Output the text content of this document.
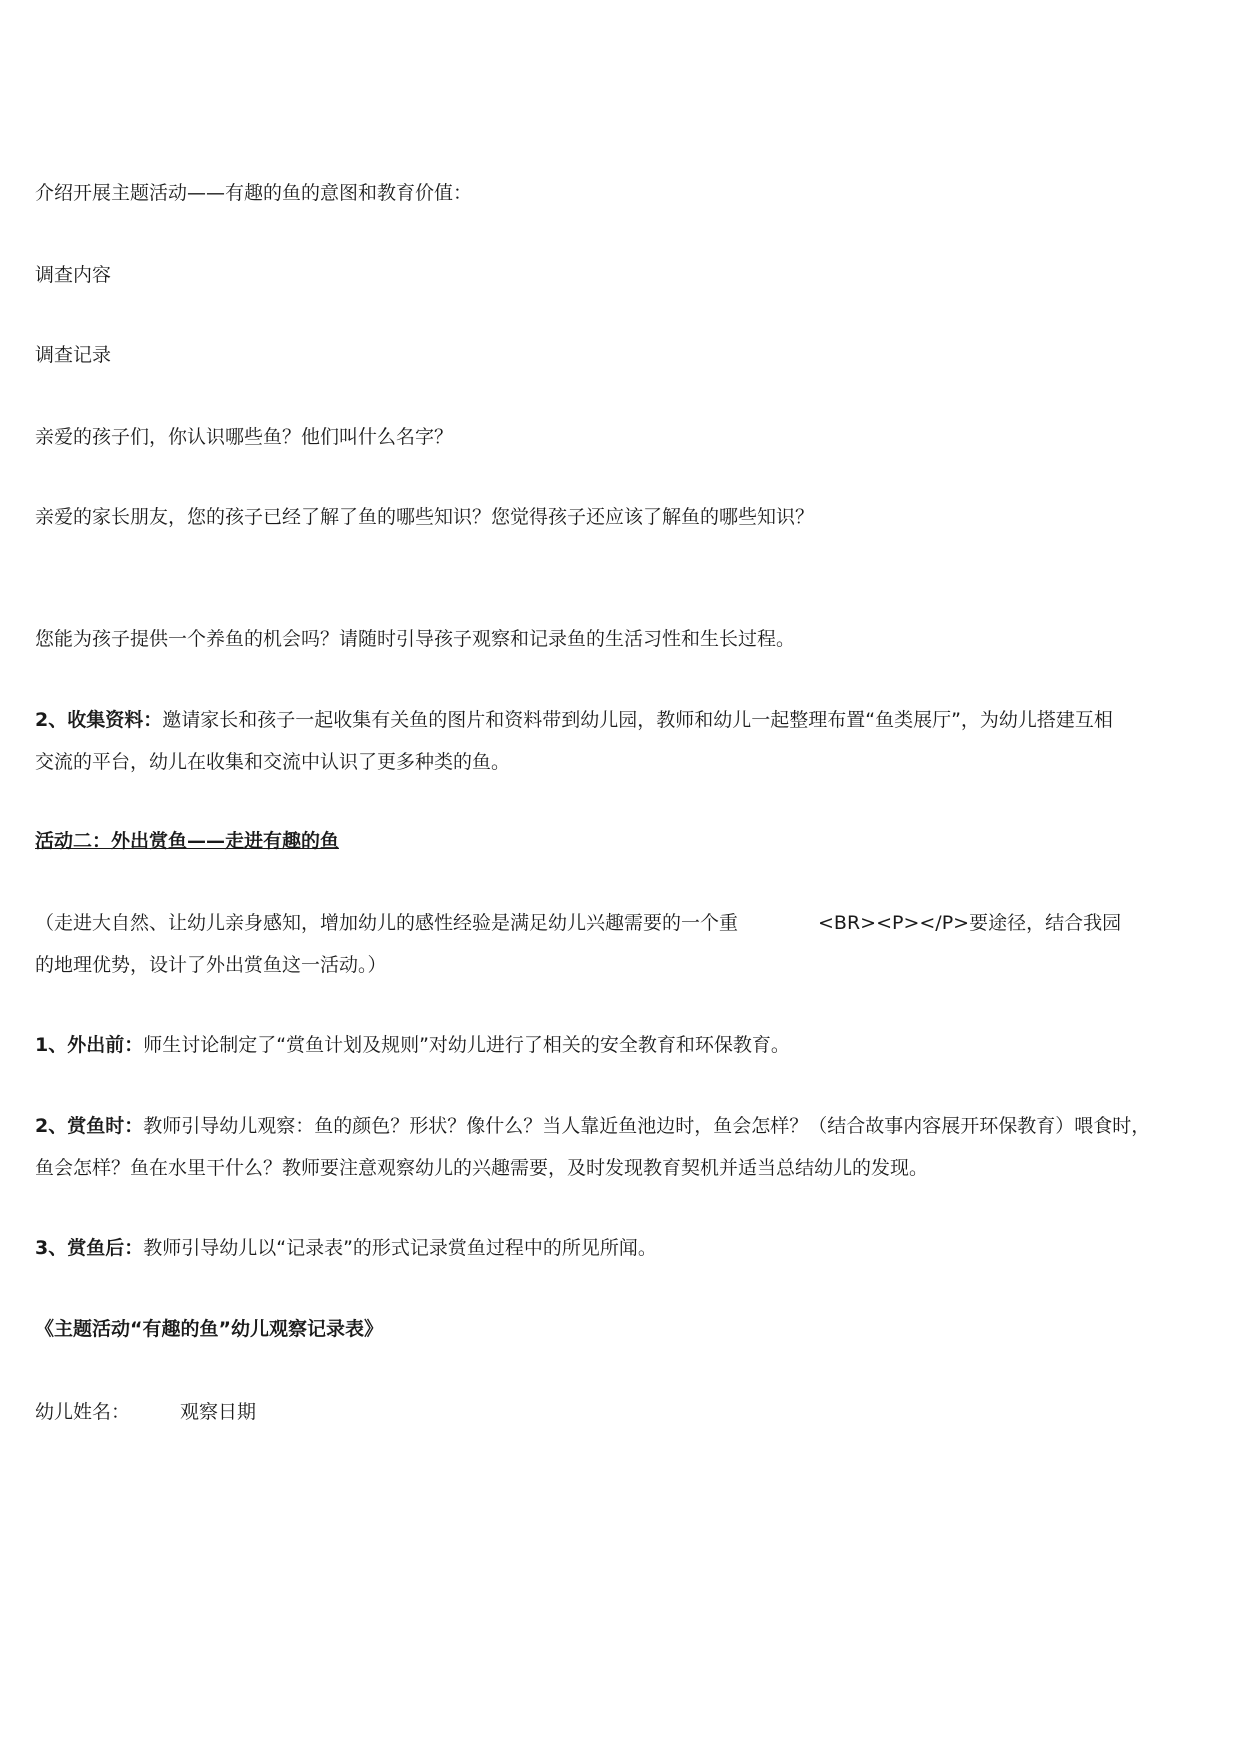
介绍开展主题活动——有趣的鱼的意图和教育价值：

调查内容

调查记录

亲爱的孩子们，你认识哪些鱼？他们叫什么名字？

亲爱的家长朋友，您的孩子已经了解了鱼的哪些知识？您觉得孩子还应该了解鱼的哪些知识？

您能为孩子提供一个养鱼的机会吗？请随时引导孩子观察和记录鱼的生活习性和生长过程。

2、收集资料：邀请家长和孩子一起收集有关鱼的图片和资料带到幼儿园，教师和幼儿一起整理布置“鱼类展厅”，为幼儿搭建互相

交流的平台，幼儿在收集和交流中认识了更多种类的鱼。

活动二：外出赏鱼——走进有趣的鱼

（走进大自然、让幼儿亲身感知，增加幼儿的感性经验是满足幼儿兴趣需要的一个重	<BR><P></P>要途径，结合我园

的地理优势，设计了外出赏鱼这一活动。）

1、外出前：师生讨论制定了“赏鱼计划及规则”对幼儿进行了相关的安全教育和环保教育。

2、赏鱼时：教师引导幼儿观察：鱼的颜色？形状？像什么？当人靠近鱼池边时，鱼会怎样？（结合故事内容展开环保教育）喂食时，

鱼会怎样？鱼在水里干什么？教师要注意观察幼儿的兴趣需要，及时发现教育契机并适当总结幼儿的发现。

3、赏鱼后：教师引导幼儿以“记录表”的形式记录赏鱼过程中的所见所闻。

《主题活动“有趣的鱼”幼儿观察记录表》

幼儿姓名：	观察日期
